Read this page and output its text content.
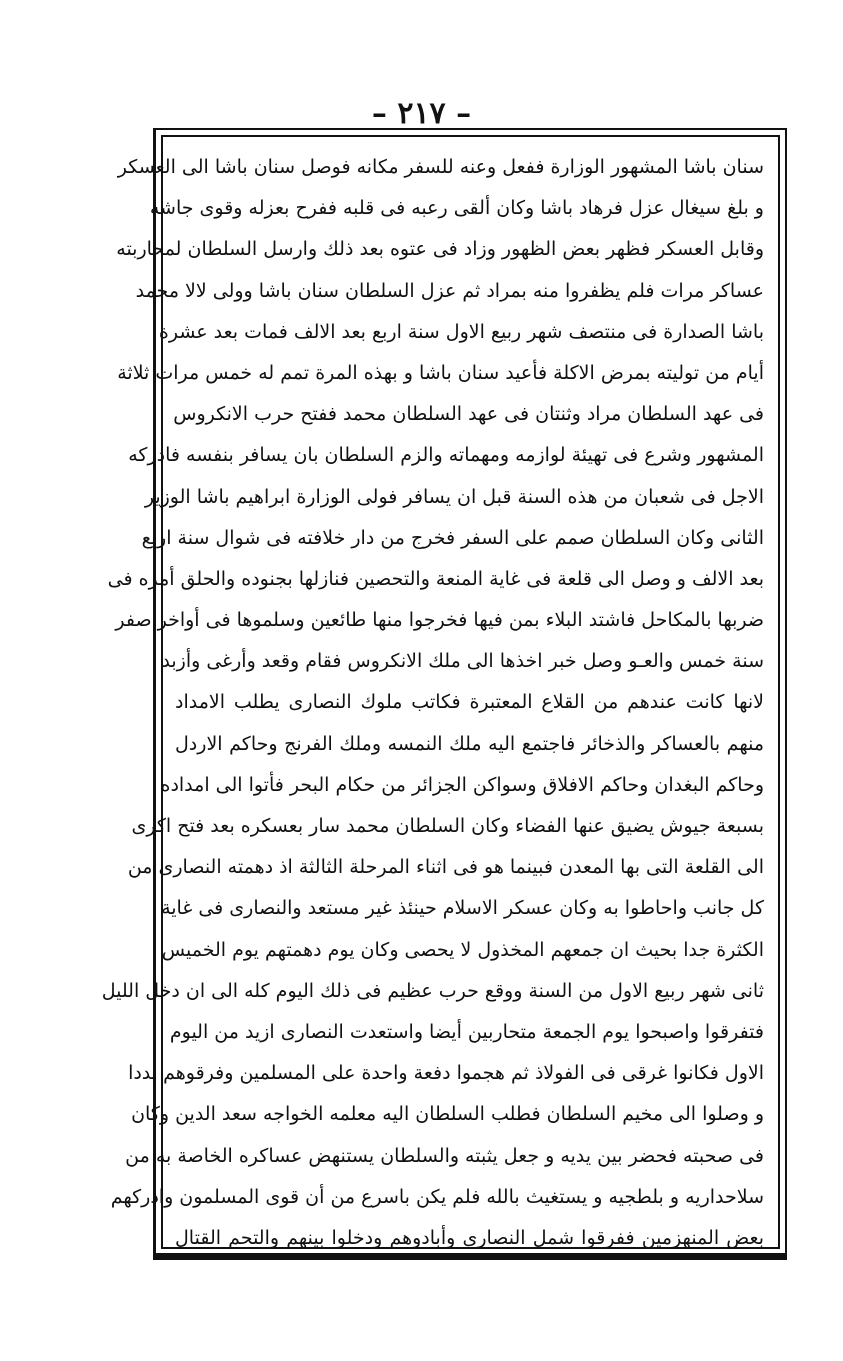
– ٢١٧ –
سنان باشا المشهور الوزارة ففعل وعنه للسفر مكانه فوصل سنان باشا الى العسكر
و بلغ سيغال عزل فرهاد باشا وكان ألقى رعبه فى قلبه ففرح بعزله وقوى جاشه
وقابل العسكر فظهر بعض الظهور وزاد فى عتوه بعد ذلك وارسل السلطان لمحاربته
عساكر مرات فلم يظفروا منه بمراد ثم عزل السلطان سنان باشا وولى لالا محمد
باشا الصدارة فى منتصف شهر ربيع الاول سنة اربع بعد الالف فمات بعد عشرة
أيام من توليته بمرض الاكلة فأعيد سنان باشا و بهذه المرة تمم له خمس مرات ثلاثة
فى عهد السلطان مراد وثنتان فى عهد السلطان محمد ففتح حرب الانكروس
المشهور وشرع فى تهيئة لوازمه ومهماته والزم السلطان بان يسافر بنفسه فادركه
الاجل فى شعبان من هذه السنة قبل ان يسافر فولى الوزارة ابراهيم باشا الوزير
الثانى وكان السلطان صمم على السفر فخرج من دار خلافته فى شوال سنة اربع
بعد الالف و وصل الى قلعة فى غاية المنعة والتحصين فنازلها بجنوده والحلق أمره فى
ضربها بالمكاحل فاشتد البلاء بمن فيها فخرجوا منها طائعين وسلموها فى أواخر صفر
سنة خمس والعـو وصل خبر اخذها الى ملك الانكروس فقام وقعد وأرغى وأزبد
لانها كانت عندهم من القلاع المعتبرة فكاتب ملوك النصارى يطلب الامداد
منهم بالعساكر والذخائر فاجتمع اليه ملك النمسه وملك الفرنج وحاكم الاردل
وحاكم البغدان وحاكم الافلاق وسواكن الجزائر من حكام البحر فأتوا الى امداده
بسبعة جيوش يضيق عنها الفضاء وكان السلطان محمد سار بعسكره بعد فتح اكرى
الى القلعة التى بها المعدن فبينما هو فى اثناء المرحلة الثالثة اذ دهمته النصارى من
كل جانب واحاطوا به وكان عسكر الاسلام حينئذ غير مستعد والنصارى فى غاية
الكثرة جدا بحيث ان جمعهم المخذول لا يحصى وكان يوم دهمتهم يوم الخميس
ثانى شهر ربيع الاول من السنة ووقع حرب عظيم فى ذلك اليوم كله الى ان دخل الليل
فتفرقوا واصبحوا يوم الجمعة متحاربين أيضا واستعدت النصارى ازيد من اليوم
الاول فكانوا غرقى فى الفولاذ ثم هجموا دفعة واحدة على المسلمين وفرقوهم بددا
و وصلوا الى مخيم السلطان فطلب السلطان اليه معلمه الخواجه سعد الدين وكان
فى صحبته فحضر بين يديه و جعل يثبته والسلطان يستنهض عساكره الخاصة به من
سلاحداريه و بلطجيه و يستغيث بالله فلم يكن باسرع من أن قوى المسلمون وادركهم
بعض المنهزمين ففرقوا شمل النصارى وأبادوهم ودخلوا بينهم والتحم القتال
